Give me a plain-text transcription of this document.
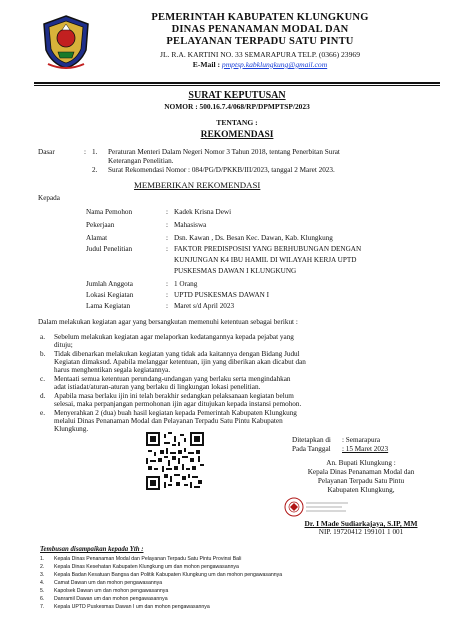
PEMERINTAH KABUPATEN KLUNGKUNG
DINAS PENANAMAN MODAL DAN
PELAYANAN TERPADU SATU PINTU
JL. R.A. KARTINI NO. 33 SEMARAPURA TELP. (0366) 23969
E-Mail : pmptsp.kabklungkung@gmail.com
SURAT KEPUTUSAN
NOMOR : 500.16.7.4/068/RP/DPMPTSP/2023
TENTANG :
REKOMENDASI
Dasar	: 1. Peraturan Menteri Dalam Negeri Nomor 3 Tahun 2018, tentang Penerbitan Surat
Keterangan Penelitian.
2. Surat Rekomendasi Nomor : 084/PG/D/PKKB/III/2023, tanggal 2 Maret 2023.
MEMBERIKAN REKOMENDASI
Kepada
Nama Pemohon	: Kadek Krisna Dewi
Pekerjaan	: Mahasiswa
Alamat	: Dsn. Kawan , Ds. Besan Kec. Dawan, Kab. Klungkung
Judul Penelitian	: FAKTOR PREDISPOSISI YANG BERHUBUNGAN DENGAN
KUNJUNGAN K4 IBU HAMIL DI WILAYAH KERJA UPTD
PUSKESMAS DAWAN I KLUNGKUNG
Jumlah Anggota	: 1 Orang
Lokasi Kegiatan	: UPTD PUSKESMAS DAWAN I
Lama Kegiatan	: Maret s/d April 2023
Dalam melakukan kegiatan agar yang bersangkutan memenuhi ketentuan sebagai berikut :
a. Sebelum melakukan kegiatan agar melaporkan kedatangannya kepada pejabat yang
dituju;
b. Tidak dibenarkan melakukan kegiatan yang tidak ada kaitannya dengan Bidang Judul
Kegiatan dimaksud. Apabila melanggar ketentuan, ijin yang diberikan akan dicabut dan
harus menghentikan segala kegiatannya.
c. Mentaati semua ketentuan perundang-undangan yang berlaku serta mengindahkan
adat istiadat/aturan-aturan yang berlaku di lingkungan lokasi penelitian.
d. Apabila masa berlaku ijin ini telah berakhir sedangkan pelaksanaan kegiatan belum
selesai, maka perpanjangan permohonan ijin agar ditujukan kepada instansi pemohon.
e. Menyerahkan 2 (dua) buah hasil kegiatan kepada Pemerintah Kabupaten Klungkung
melalui Dinas Penanaman Modal dan Pelayanan Terpadu Satu Pintu Kabupaten
Klungkung.
Ditetapkan di : Semarapura
Pada Tanggal : 15 Maret 2023
An. Bupati Klungkung :
Kepala Dinas Penanaman Modal dan
Pelayanan Terpadu Satu Pintu
Kabupaten Klungkung,
Dr. I Made Sudiarkajaya, S.IP, MM
NIP. 19720412 199101 1 001
Tembusan disampaikan kepada Yth :
1. Kepala Dinas Penanaman Modal dan Pelayanan Terpadu Satu Pintu Provinsi Bali
2. Kepala Dinas Kesehatan Kabupaten Klungkung um dan mohon pengawasannya
3. Kepala Badan Kesatuan Bangsa dan Politik Kabupaten Klungkung um dan mohon pengawasannya
4. Camat Dawan um dan mohon pengawasannya
5. Kapolsek Dawan um dan mohon pengawasannya
6. Danramil Dawan um dan mohon pengawasannya
7. Kepala UPTD Puskesmas Dawan I um dan mohon pengawasannya
